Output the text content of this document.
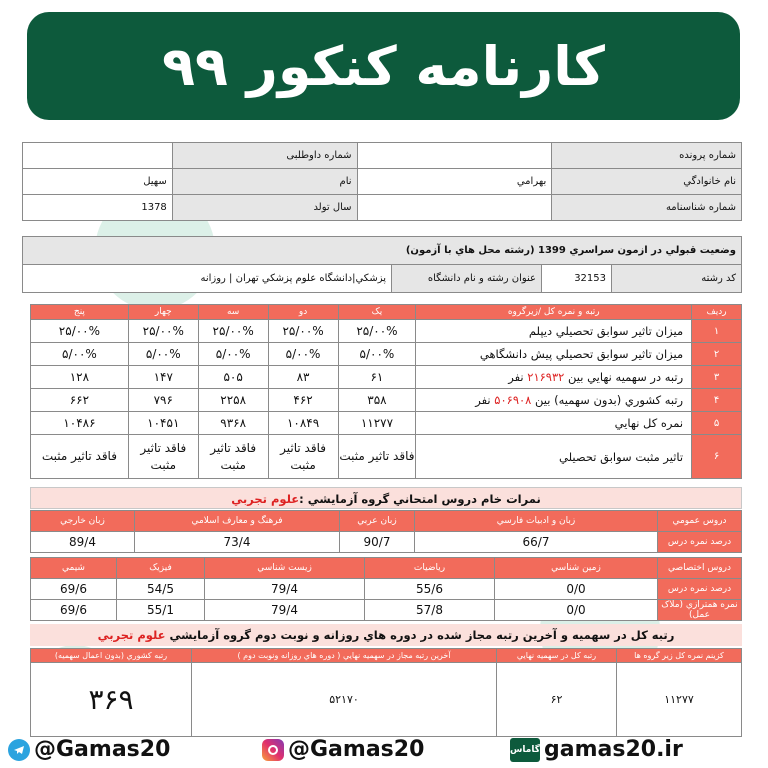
کارنامه کنکور ۹۹
شماره پرونده		شماره داوطلبی	
نام خانوادگي	بهرامي	نام	سهيل
شماره شناسنامه		سال تولد	1378
وضعيت قبولي در ازمون سراسري 1399 (رشته محل هاي با آزمون)
کد رشته	32153	عنوان رشته و نام دانشگاه	پزشکي|دانشگاه علوم پزشکي تهران | روزانه
رديف	رتبه و نمره کل /زيرگروه	يک	دو	سه	چهار	پنج
۱	ميزان تاثير سوابق تحصيلي ديپلم	۲۵/۰۰%	۲۵/۰۰%	۲۵/۰۰%	۲۵/۰۰%	۲۵/۰۰%
۲	ميزان تاثير سوابق تحصيلي پيش دانشگاهي	۵/۰۰%	۵/۰۰%	۵/۰۰%	۵/۰۰%	۵/۰۰%
۳	رتبه در سهميه نهايي بين ۲۱۶۹۳۲ نفر	۶۱	۸۳	۵۰۵	۱۴۷	۱۲۸
۴	رتبه کشوري (بدون سهميه) بين ۵۰۶۹۰۸ نفر	۳۵۸	۴۶۲	۲۲۵۸	۷۹۶	۶۶۲
۵	نمره کل نهايي	۱۱۲۷۷	۱۰۸۴۹	۹۳۶۸	۱۰۴۵۱	۱۰۴۸۶
۶	تاثير مثبت سوابق تحصيلي	فاقد تاثير مثبت	فاقد تاثير مثبت	فاقد تاثير مثبت	فاقد تاثير مثبت	فاقد تاثير مثبت
نمرات خام دروس امتحاني گروه آزمايشي :علوم تجربي
دروس عمومي	زبان و ادبيات فارسي	زبان عربي	فرهنگ و معارف اسلامي	زبان خارجي
درصد نمره درس	66/7	90/7	73/4	89/4
دروس اختصاصي	زمين شناسي	رياضيات	زيست شناسي	فيزيک	شيمي
درصد نمره درس	0/0	55/6	79/4	54/5	69/6
نمره همترازي (ملاک عمل)	0/0	57/8	79/4	55/1	69/6
رتبه کل در سهميه و آخرين رتبه مجاز شده در دوره هاي روزانه و نوبت دوم گروه آزمايشي علوم تجربي
كزينم نمره کل زير گروه ها	رتبه کل در سهميه نهايي	آخرين رتبه مجاز در سهميه نهايي ( دوره هاي روزانه ونوبت دوم )	رتبه کشوري (بدون اعمال سهميه)
۱۱۲۷۷	۶۲	۵۲۱۷۰	۳۶۹
@Gamas20	@Gamas20	گاماس gamas20.ir
